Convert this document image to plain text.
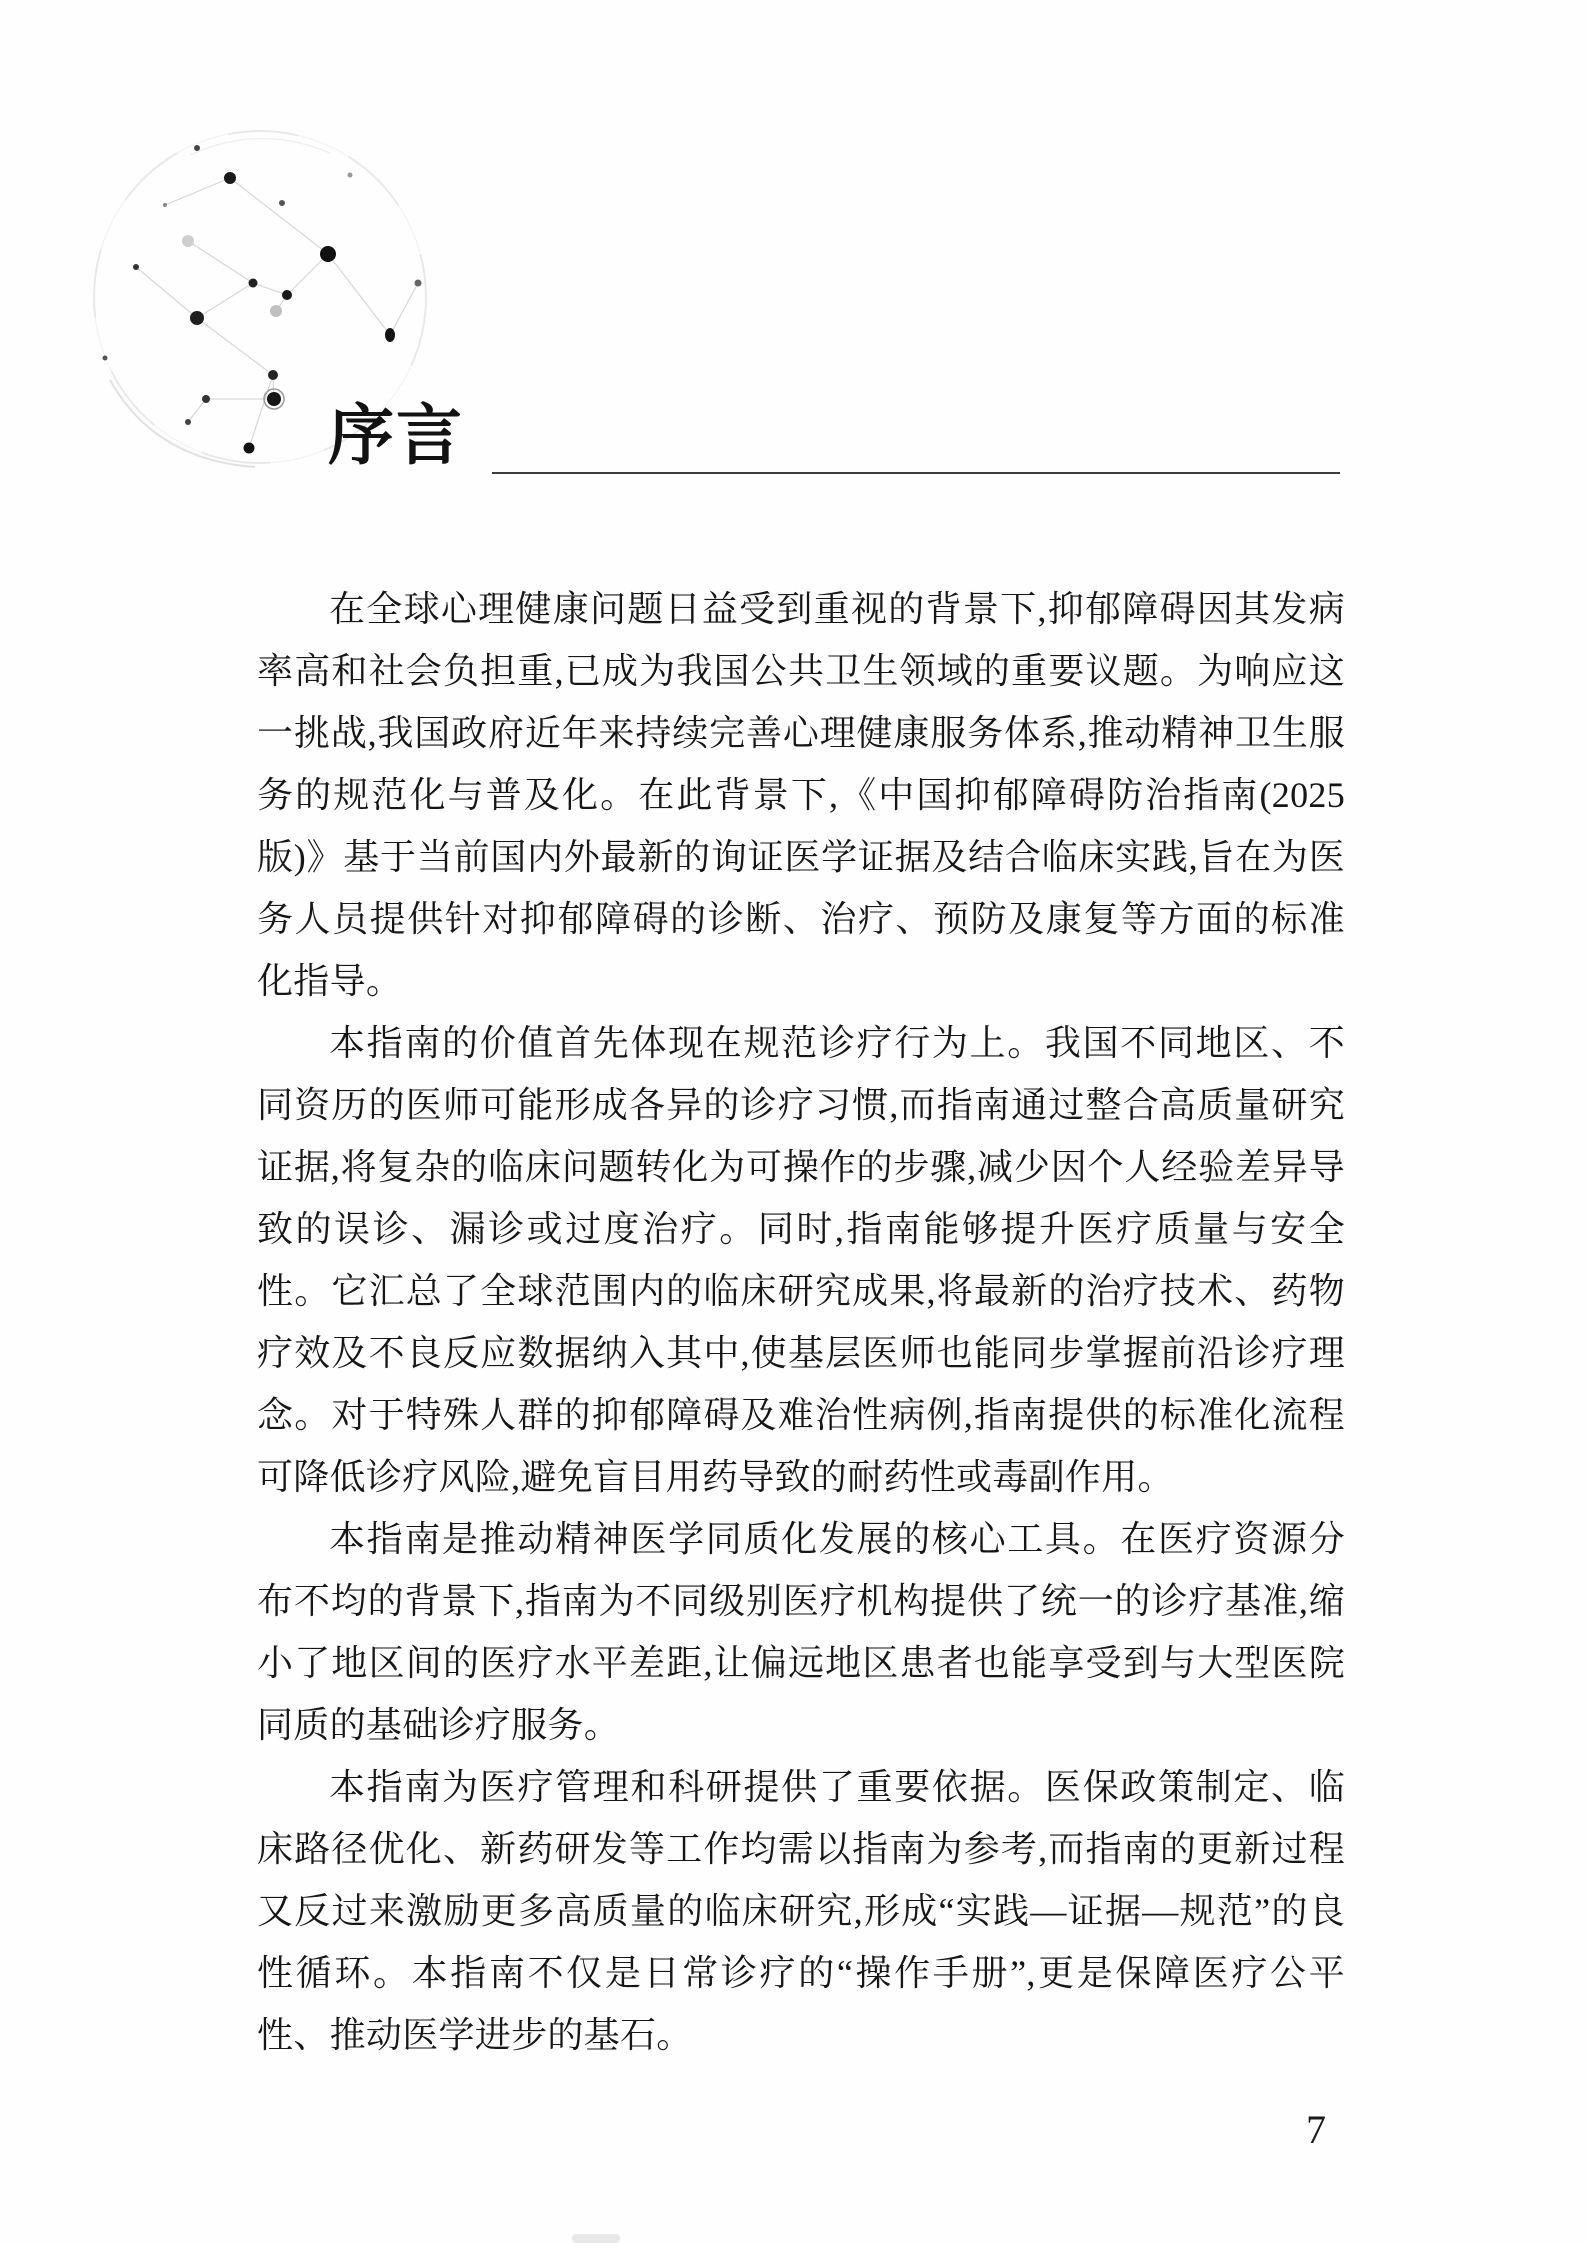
序言

在全球心理健康问题日益受到重视的背景下,抑郁障碍因其发病率高和社会负担重,已成为我国公共卫生领域的重要议题。为响应这一挑战,我国政府近年来持续完善心理健康服务体系,推动精神卫生服务的规范化与普及化。在此背景下,《中国抑郁障碍防治指南(2025版)》基于当前国内外最新的询证医学证据及结合临床实践,旨在为医务人员提供针对抑郁障碍的诊断、治疗、预防及康复等方面的标准化指导。

本指南的价值首先体现在规范诊疗行为上。我国不同地区、不同资历的医师可能形成各异的诊疗习惯,而指南通过整合高质量研究证据,将复杂的临床问题转化为可操作的步骤,减少因个人经验差异导致的误诊、漏诊或过度治疗。同时,指南能够提升医疗质量与安全性。它汇总了全球范围内的临床研究成果,将最新的治疗技术、药物疗效及不良反应数据纳入其中,使基层医师也能同步掌握前沿诊疗理念。对于特殊人群的抑郁障碍及难治性病例,指南提供的标准化流程可降低诊疗风险,避免盲目用药导致的耐药性或毒副作用。

本指南是推动精神医学同质化发展的核心工具。在医疗资源分布不均的背景下,指南为不同级别医疗机构提供了统一的诊疗基准,缩小了地区间的医疗水平差距,让偏远地区患者也能享受到与大型医院同质的基础诊疗服务。

本指南为医疗管理和科研提供了重要依据。医保政策制定、临床路径优化、新药研发等工作均需以指南为参考,而指南的更新过程又反过来激励更多高质量的临床研究,形成“实践—证据—规范”的良性循环。本指南不仅是日常诊疗的“操作手册”,更是保障医疗公平性、推动医学进步的基石。

7
